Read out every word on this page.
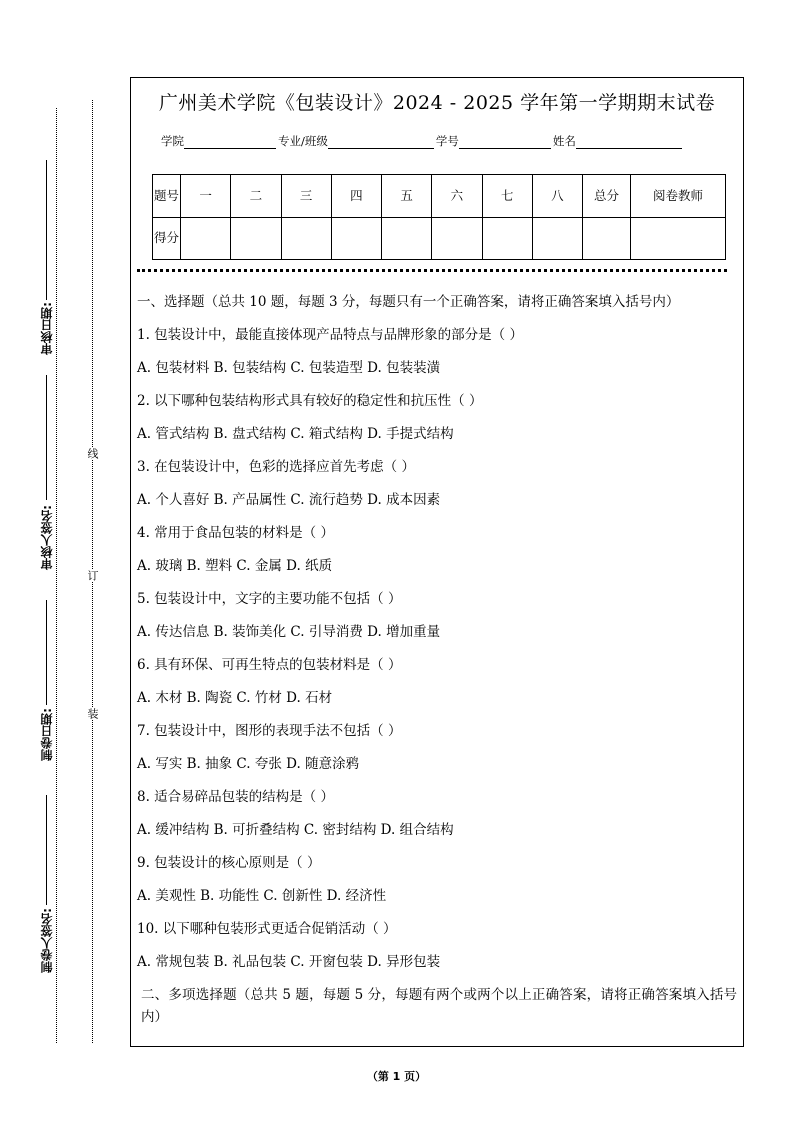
审核日期:
审核人签名:
制卷日期:
制卷人签名:
线
订
装
广州美术学院《包装设计》2024 - 2025 学年第一学期期末试卷
学院	专业/班级	学号	姓名
题号	一	二	三	四	五	六	七	八	总分	阅卷教师
得分										

一、选择题（总共 10 题，每题 3 分，每题只有一个正确答案，请将正确答案填入括号内）

1. 包装设计中，最能直接体现产品特点与品牌形象的部分是（ ）

A. 包装材料 B. 包装结构 C. 包装造型 D. 包装装潢

2. 以下哪种包装结构形式具有较好的稳定性和抗压性（ ）

A. 管式结构 B. 盘式结构 C. 箱式结构 D. 手提式结构

3. 在包装设计中，色彩的选择应首先考虑（ ）

A. 个人喜好 B. 产品属性 C. 流行趋势 D. 成本因素

4. 常用于食品包装的材料是（ ）

A. 玻璃 B. 塑料 C. 金属 D. 纸质

5. 包装设计中，文字的主要功能不包括（ ）

A. 传达信息 B. 装饰美化 C. 引导消费 D. 增加重量

6. 具有环保、可再生特点的包装材料是（ ）

A. 木材 B. 陶瓷 C. 竹材 D. 石材

7. 包装设计中，图形的表现手法不包括（ ）

A. 写实 B. 抽象 C. 夸张 D. 随意涂鸦

8. 适合易碎品包装的结构是（ ）

A. 缓冲结构 B. 可折叠结构 C. 密封结构 D. 组合结构

9. 包装设计的核心原则是（ ）

A. 美观性 B. 功能性 C. 创新性 D. 经济性

10. 以下哪种包装形式更适合促销活动（ ）

A. 常规包装 B. 礼品包装 C. 开窗包装 D. 异形包装

二、多项选择题（总共 5 题，每题 5 分，每题有两个或两个以上正确答案，请将正确答案填入括号内）

（第 1 页）
